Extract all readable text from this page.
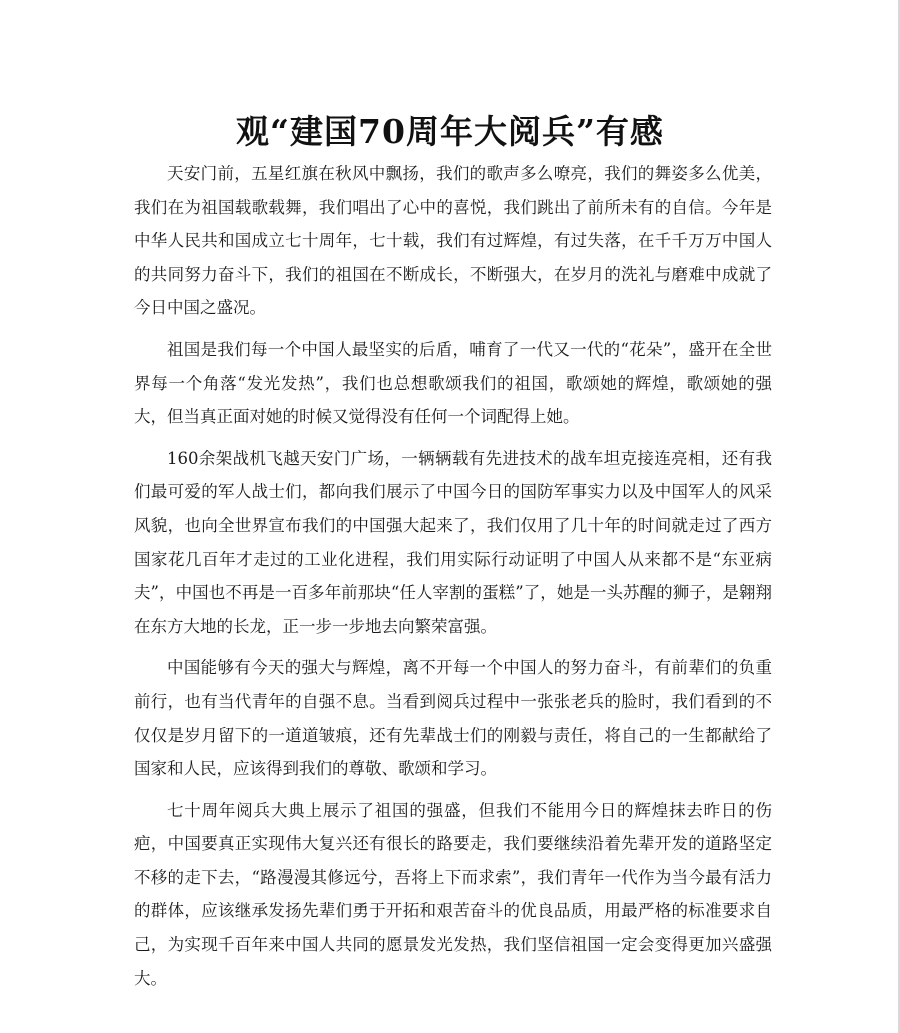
观“建国70周年大阅兵”有感

天安门前，五星红旗在秋风中飘扬，我们的歌声多么嘹亮，我们的舞姿多么优美，我们在为祖国载歌载舞，我们唱出了心中的喜悦，我们跳出了前所未有的自信。今年是中华人民共和国成立七十周年，七十载，我们有过辉煌，有过失落，在千千万万中国人的共同努力奋斗下，我们的祖国在不断成长，不断强大，在岁月的洗礼与磨难中成就了今日中国之盛况。

祖国是我们每一个中国人最坚实的后盾，哺育了一代又一代的“花朵”，盛开在全世界每一个角落“发光发热”，我们也总想歌颂我们的祖国，歌颂她的辉煌，歌颂她的强大，但当真正面对她的时候又觉得没有任何一个词配得上她。

160余架战机飞越天安门广场，一辆辆载有先进技术的战车坦克接连亮相，还有我们最可爱的军人战士们，都向我们展示了中国今日的国防军事实力以及中国军人的风采风貌，也向全世界宣布我们的中国强大起来了，我们仅用了几十年的时间就走过了西方国家花几百年才走过的工业化进程，我们用实际行动证明了中国人从来都不是“东亚病夫”，中国也不再是一百多年前那块“任人宰割的蛋糕”了，她是一头苏醒的狮子，是翱翔在东方大地的长龙，正一步一步地去向繁荣富强。

中国能够有今天的强大与辉煌，离不开每一个中国人的努力奋斗，有前辈们的负重前行，也有当代青年的自强不息。当看到阅兵过程中一张张老兵的脸时，我们看到的不仅仅是岁月留下的一道道皱痕，还有先辈战士们的刚毅与责任，将自己的一生都献给了国家和人民，应该得到我们的尊敬、歌颂和学习。

七十周年阅兵大典上展示了祖国的强盛，但我们不能用今日的辉煌抹去昨日的伤疤，中国要真正实现伟大复兴还有很长的路要走，我们要继续沿着先辈开发的道路坚定不移的走下去，“路漫漫其修远兮，吾将上下而求索”，我们青年一代作为当今最有活力的群体，应该继承发扬先辈们勇于开拓和艰苦奋斗的优良品质，用最严格的标准要求自己，为实现千百年来中国人共同的愿景发光发热，我们坚信祖国一定会变得更加兴盛强大。
